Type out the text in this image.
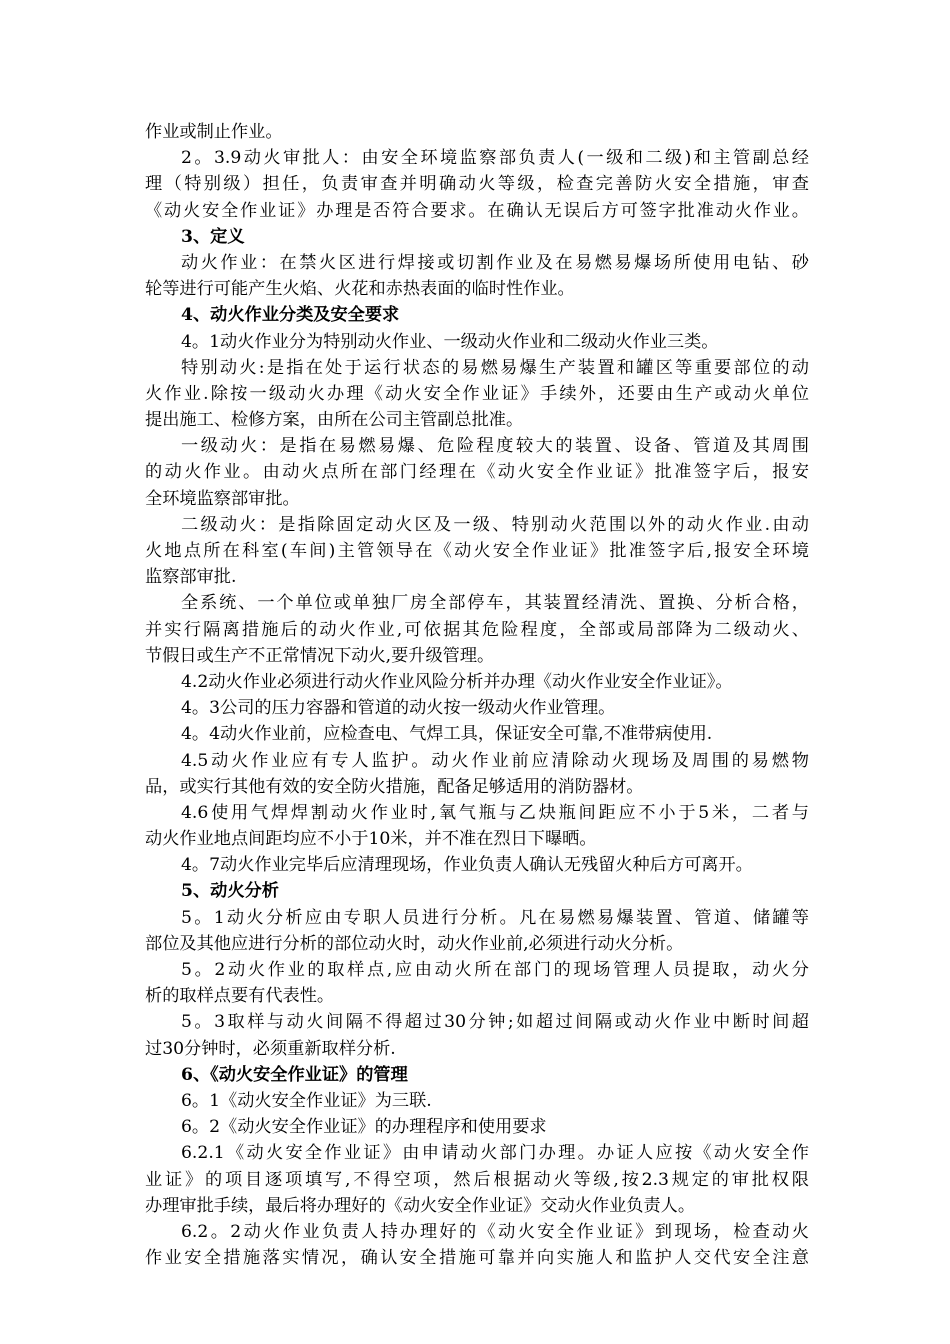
作业或制止作业。
2。3.9动火审批人：由安全环境监察部负责人(一级和二级)和主管副总经
理（特别级）担任，负责审查并明确动火等级，检查完善防火安全措施，审查
《动火安全作业证》办理是否符合要求。在确认无误后方可签字批准动火作业。
3、定义
动火作业：在禁火区进行焊接或切割作业及在易燃易爆场所使用电钻、砂
轮等进行可能产生火焰、火花和赤热表面的临时性作业。
4、动火作业分类及安全要求
4。1动火作业分为特别动火作业、一级动火作业和二级动火作业三类。
特别动火:是指在处于运行状态的易燃易爆生产装置和罐区等重要部位的动
火作业.除按一级动火办理《动火安全作业证》手续外，还要由生产或动火单位
提出施工、检修方案，由所在公司主管副总批准。
一级动火：是指在易燃易爆、危险程度较大的装置、设备、管道及其周围
的动火作业。由动火点所在部门经理在《动火安全作业证》批准签字后，报安
全环境监察部审批。
二级动火：是指除固定动火区及一级、特别动火范围以外的动火作业.由动
火地点所在科室(车间)主管领导在《动火安全作业证》批准签字后,报安全环境
监察部审批.
全系统、一个单位或单独厂房全部停车，其装置经清洗、置换、分析合格，
并实行隔离措施后的动火作业,可依据其危险程度，全部或局部降为二级动火、
节假日或生产不正常情况下动火,要升级管理。
4.2动火作业必须进行动火作业风险分析并办理《动火作业安全作业证》。
4。3公司的压力容器和管道的动火按一级动火作业管理。
4。4动火作业前，应检查电、气焊工具，保证安全可靠,不准带病使用.
4.5动火作业应有专人监护。动火作业前应清除动火现场及周围的易燃物
品，或实行其他有效的安全防火措施，配备足够适用的消防器材。
4.6使用气焊焊割动火作业时,氧气瓶与乙炔瓶间距应不小于5米，二者与
动火作业地点间距均应不小于10米，并不准在烈日下曝晒。
4。7动火作业完毕后应清理现场，作业负责人确认无残留火种后方可离开。
5、动火分析
5。1动火分析应由专职人员进行分析。凡在易燃易爆装置、管道、储罐等
部位及其他应进行分析的部位动火时，动火作业前,必须进行动火分析。
5。2动火作业的取样点,应由动火所在部门的现场管理人员提取，动火分
析的取样点要有代表性。
5。3取样与动火间隔不得超过30分钟;如超过间隔或动火作业中断时间超
过30分钟时，必须重新取样分析.
6、《动火安全作业证》的管理
6。1《动火安全作业证》为三联.
6。2《动火安全作业证》的办理程序和使用要求
6.2.1《动火安全作业证》由申请动火部门办理。办证人应按《动火安全作
业证》的项目逐项填写,不得空项，然后根据动火等级,按2.3规定的审批权限
办理审批手续，最后将办理好的《动火安全作业证》交动火作业负责人。
6.2。2动火作业负责人持办理好的《动火安全作业证》到现场，检查动火
作业安全措施落实情况，确认安全措施可靠并向实施人和监护人交代安全注意
